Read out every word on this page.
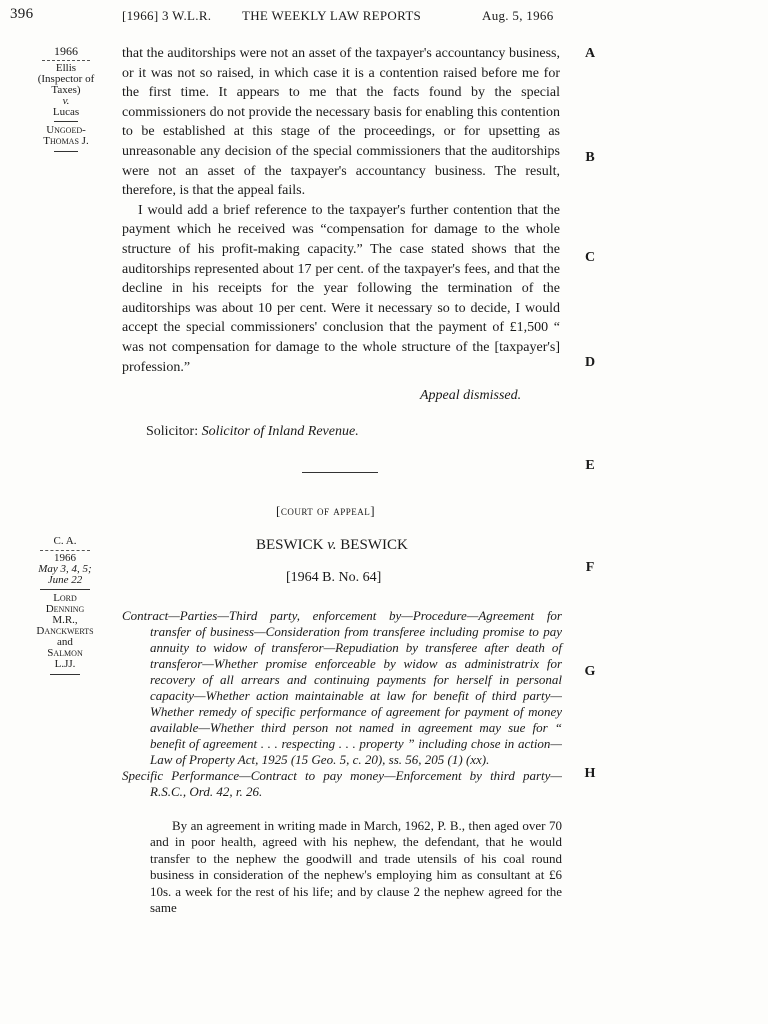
396	[1966] 3 W.L.R. THE WEEKLY LAW REPORTS	Aug. 5, 1966
1966
Ellis
(Inspector of
Taxes)
v.
Lucas
Ungoed-
Thomas J.

that the auditorships were not an asset of the taxpayer's accountancy business, or it was not so raised, in which case it is a contention raised before me for the first time. It appears to me that the facts found by the special commissioners do not provide the necessary basis for enabling this contention to be established at this stage of the proceedings, or for upsetting as unreasonable any decision of the special commissioners that the auditorships were not an asset of the taxpayer's accountancy business. The result, therefore, is that the appeal fails.

I would add a brief reference to the taxpayer's further contention that the payment which he received was “compensation for damage to the whole structure of his profit-making capacity.” The case stated shows that the auditorships represented about 17 per cent. of the taxpayer's fees, and that the decline in his receipts for the year following the termination of the auditorships was about 10 per cent. Were it necessary so to decide, I would accept the special commissioners' conclusion that the payment of £1,500 “ was not compensation for damage to the whole structure of the [taxpayer's] profession.”

Appeal dismissed.
Solicitor: Solicitor of Inland Revenue.
[court of appeal]
BESWICK v. BESWICK
[1964 B. No. 64]
C. A.
1966
May 3, 4, 5;
June 22
Lord
Denning
M.R.,
Danckwerts
and
Salmon
L.JJ.

Contract—Parties—Third party, enforcement by—Procedure—Agreement for transfer of business—Consideration from transferee including promise to pay annuity to widow of transferor—Repudiation by transferee after death of transferor—Whether promise enforceable by widow as administratrix for recovery of all arrears and continuing payments for herself in personal capacity—Whether action maintainable at law for benefit of third party—Whether remedy of specific performance of agreement for payment of money available—Whether third person not named in agreement may sue for “ benefit of agreement . . . respecting . . . property ” including chose in action—Law of Property Act, 1925 (15 Geo. 5, c. 20), ss. 56, 205 (1) (xx).

Specific Performance—Contract to pay money—Enforcement by third party—R.S.C., Ord. 42, r. 26.

By an agreement in writing made in March, 1962, P. B., then aged over 70 and in poor health, agreed with his nephew, the defendant, that he would transfer to the nephew the goodwill and trade utensils of his coal round business in consideration of the nephew's employing him as consultant at £6 10s. a week for the rest of his life; and by clause 2 the nephew agreed for the same

A
B
C
D
E
F
G
H
